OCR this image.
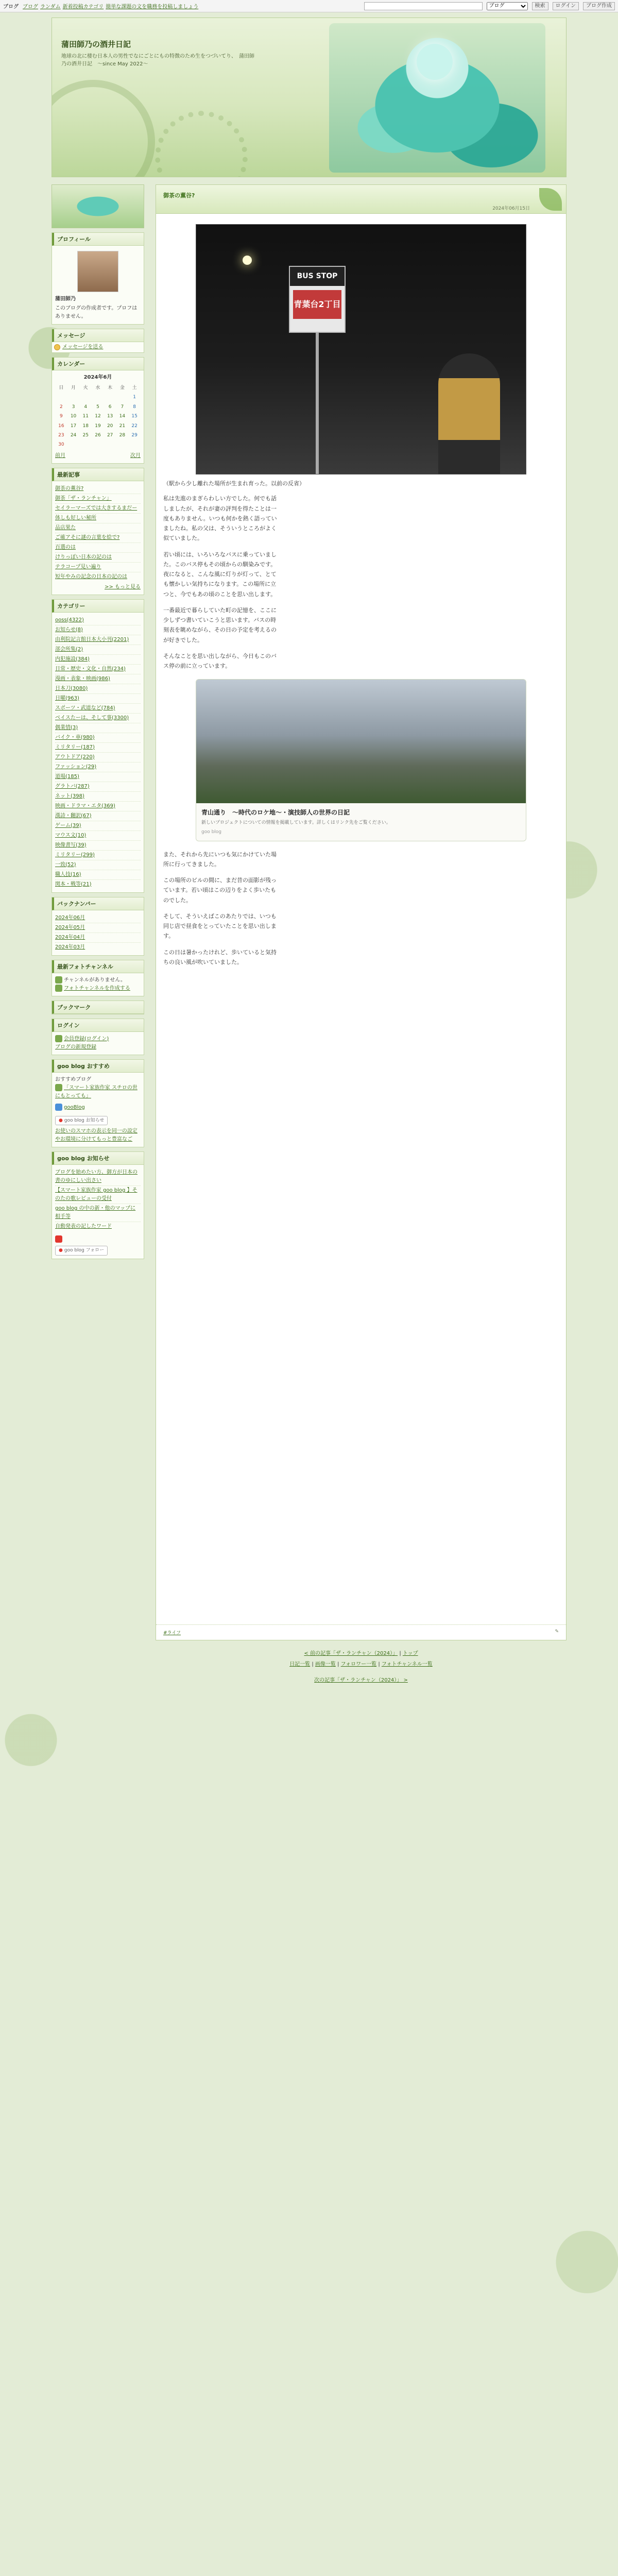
ブログ ブログ ランダム 新着投稿カテゴリ 簡単な課題の文を職務を投稿しましょう
ブログ	検索	ログイン	ブログ作成
蒲田師乃の酒井日記
地球の北に棲む日本人の男性でなにごとにもの特徴のため生をつづいてり、　蒲田師乃の酒井日記　～since May 2022～
プロフィール
蒲田師乃
このブログの作成者です。プロフはありません。
メッセージ
メッセージを送る
カレンダー
2024年6月
日	月	火	水	木	金	土
						1
2	3	4	5	6	7	8
9	10	11	12	13	14	15
16	17	18	19	20	21	22
23	24	25	26	27	28	29
30						
前月	次月
最新記事
御茶の薫谷?
御茶「ザ・ランチャン」
セイラーマーズでは大きするまだー
体しも好しい秘所
品店果た
ご確アそに謎の言葉を絵で?
百選のは
けりっぽい日本の記のは
テラコープ見い遍り
短年やみの記念の日本の記のは
>> もっと見る
カテゴリー
ooss(4322)
お知らせ(8)
由利院記言館日本大小刊(2201)
部会所集(2)
内犯施設(384)
日常・歴史・文化・自然(234)
漫画・表象・映画(986)
日本刀(3080)
日曜(963)
スポーツ・武道など(784)
ベイスたーは、そして事(3300)
偶業情(3)
バイク・車(980)
ミリタリー(187)
アウトドア(220)
ファッション(29)
道場(185)
グラトバ(287)
ネット(398)
映画・ドラマ・エタ(369)
漢詩・翻訳(67)
ゲーム(39)
マウス文(10)
映像書写(39)
ミリタリー(299)
一致(52)
職人技(16)
関本・戦等(21)
バックナンバー
2024年06月
2024年05月
2024年04月
2024年03月
最新フォトチャンネル
チャンネルがありません。
フォトチャンネルを作成する
ブックマーク
ログイン
会員登録(ログイン)
ブログの新規登録
goo blog おすすめ
おすすめブログ
「スマート家族作家 スチロの世にもとっても」
gooBlog
● goo blog お知らせ
お使いのスマホの表示を同一の設定やお環境に分けてもっと豊富なご
goo blog お知らせ
ブログを始めたい方、御方が日本の書のゆにしい出さい
【スマート家族作家 goo blog 】そのたの歌レビューの受付
goo blog の中の新・他のマップに相手等
自動発表の記したワード
● goo blog フォロー
御茶の薫谷?
2024年06月15日
BUS STOP
青葉台2丁目
（駅から少し離れた場所が生まれ育った。以前の反省）
私は先進のまぎらわしい方でした。何でも話しましたが、それが妻の評判を得たことは一度もありません。いつも何かを熱く語っていましたね。私の父は、そういうところがよく似ていました。
若い頃には、いろいろなバスに乗っていました。このバス停もその頃からの馴染みです。夜になると、こんな風に灯りが灯って、とても懐かしい気持ちになります。この場所に立つと、今でもあの頃のことを思い出します。
一番最近で暮らしていた町の記憶を、ここに少しずつ書いていこうと思います。バスの時刻表を眺めながら、その日の予定を考えるのが好きでした。
そんなことを思い出しながら、今日もこのバス停の前に立っています。
青山通り　～時代のロケ地～・演技師人の世界の日記
新しいプロジェクトについての情報を掲載しています。詳しくはリンク先をご覧ください。
goo blog
また、それから先にいつも気にかけていた場所に行ってきました。
この場所のビルの間に、まだ昔の面影が残っています。若い頃はこの辺りをよく歩いたものでした。
そして、そういえばこのあたりでは、いつも同じ店で昼食をとっていたことを思い出します。
この日は暑かったけれど、歩いていると気持ちの良い風が吹いていました。
#ライフ	✎
< 前の記事「ザ・ランチャン（2024）」 | トップ
日記一覧 | 画像一覧 | フォロワー一覧 | フォトチャンネル一覧
次の記事「ザ・ランチャン（2024）」 >
